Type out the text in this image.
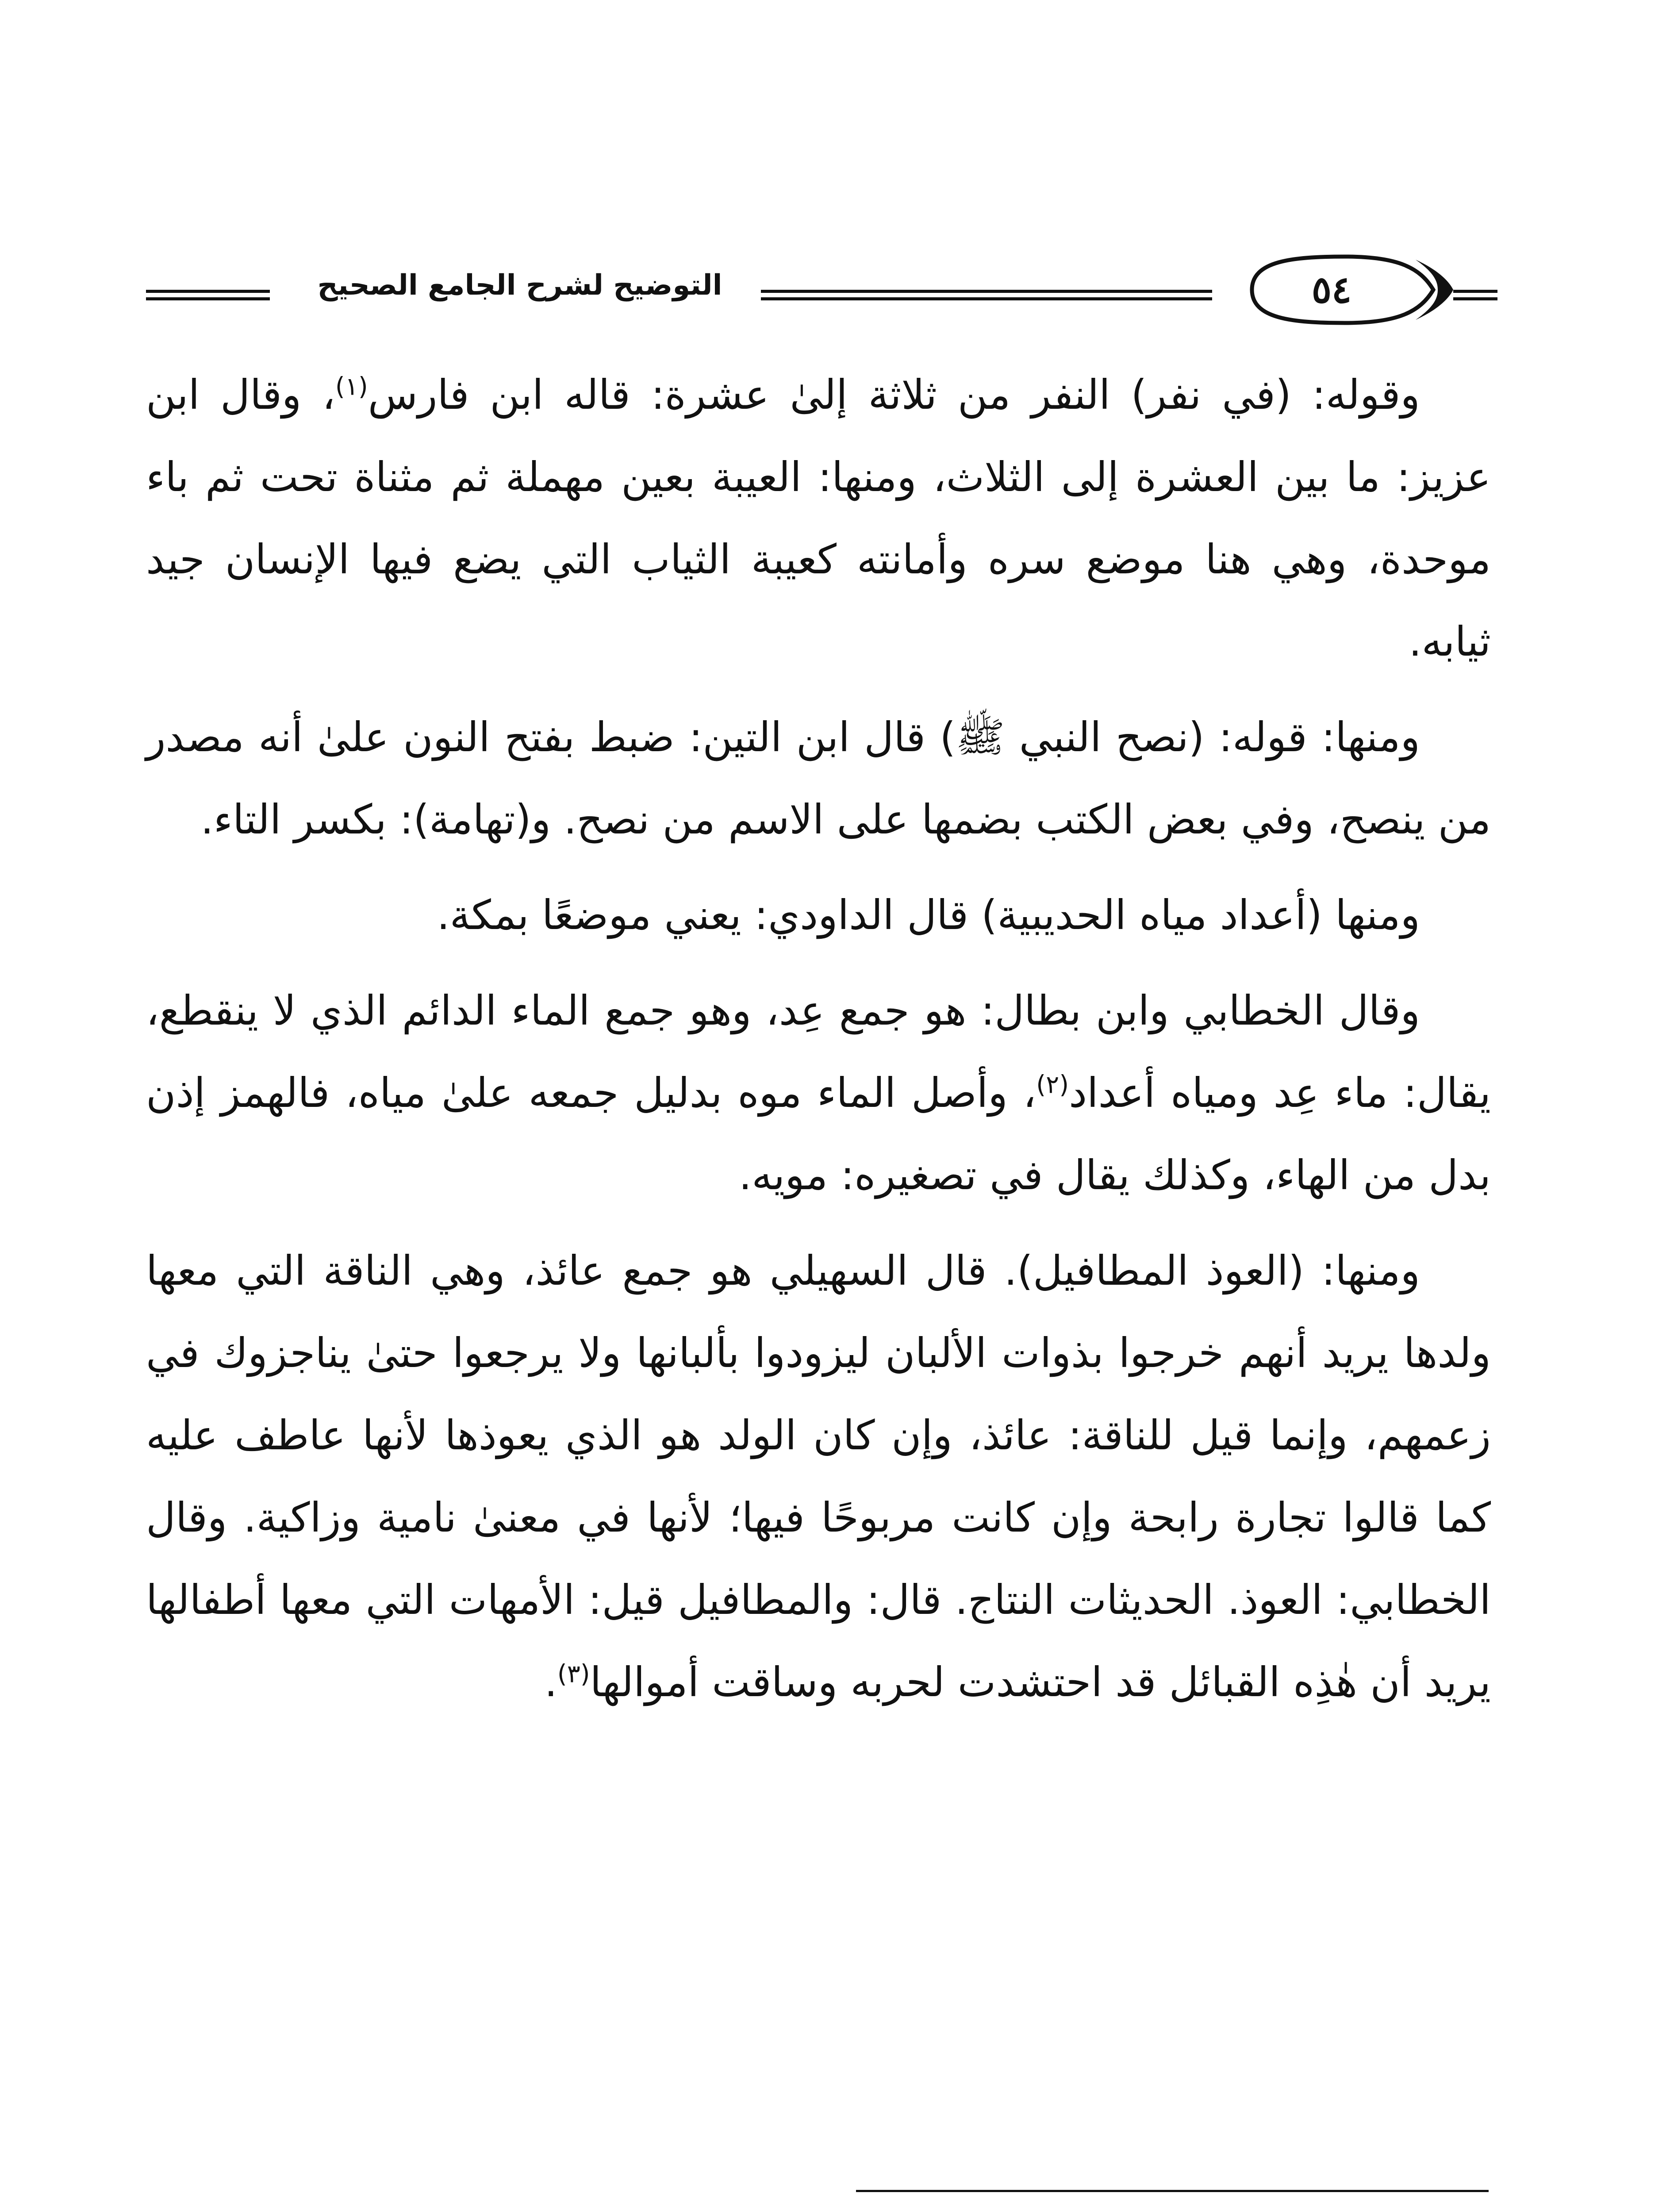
التوضيح لشرح الجامع الصحيح	٥٤

وقوله: (في نفر) النفر من ثلاثة إلىٰ عشرة: قاله ابن فارس$^{(١)}$، وقال ابن عزيز: ما بين العشرة إلى الثلاث، ومنها: العيبة بعين مهملة ثم مثناة تحت ثم باء موحدة، وهي هنا موضع سره وأمانته كعيبة الثياب التي يضع فيها الإنسان جيد ثيابه.

ومنها: قوله: (نصح النبي ﷺ) قال ابن التين: ضبط بفتح النون علىٰ أنه مصدر من ينصح، وفي بعض الكتب بضمها على الاسم من نصح. و(تهامة): بكسر التاء.

ومنها (أعداد مياه الحديبية) قال الداودي: يعني موضعًا بمكة.

وقال الخطابي وابن بطال: هو جمع عِد، وهو جمع الماء الدائم الذي لا ينقطع، يقال: ماء عِد ومياه أعداد$^{(٢)}$، وأصل الماء موه بدليل جمعه علىٰ مياه، فالهمز إذن بدل من الهاء، وكذلك يقال في تصغيره: مويه.

ومنها: (العوذ المطافيل). قال السهيلي هو جمع عائذ، وهي الناقة التي معها ولدها يريد أنهم خرجوا بذوات الألبان ليزودوا بألبانها ولا يرجعوا حتىٰ يناجزوك في زعمهم، وإنما قيل للناقة: عائذ، وإن كان الولد هو الذي يعوذها لأنها عاطف عليه كما قالوا تجارة رابحة وإن كانت مربوحًا فيها؛ لأنها في معنىٰ نامية وزاكية. وقال الخطابي: العوذ. الحديثات النتاج. قال: والمطافيل قيل: الأمهات التي معها أطفالها يريد أن هٰذِه القبائل قد احتشدت لحربه وساقت أموالها$^{(٣)}$.
